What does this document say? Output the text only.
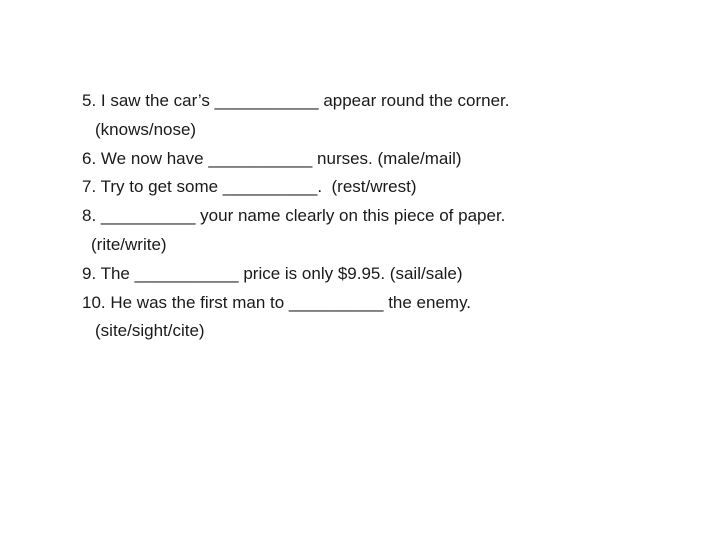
5. I saw the car’s ___________ appear round the corner.
(knows/nose)
6. We now have ___________ nurses. (male/mail)
7. Try to get some __________.  (rest/wrest)
8. __________ your name clearly on this piece of paper.
(rite/write)
9. The ___________ price is only $9.95. (sail/sale)
10. He was the first man to __________ the enemy.
(site/sight/cite)
